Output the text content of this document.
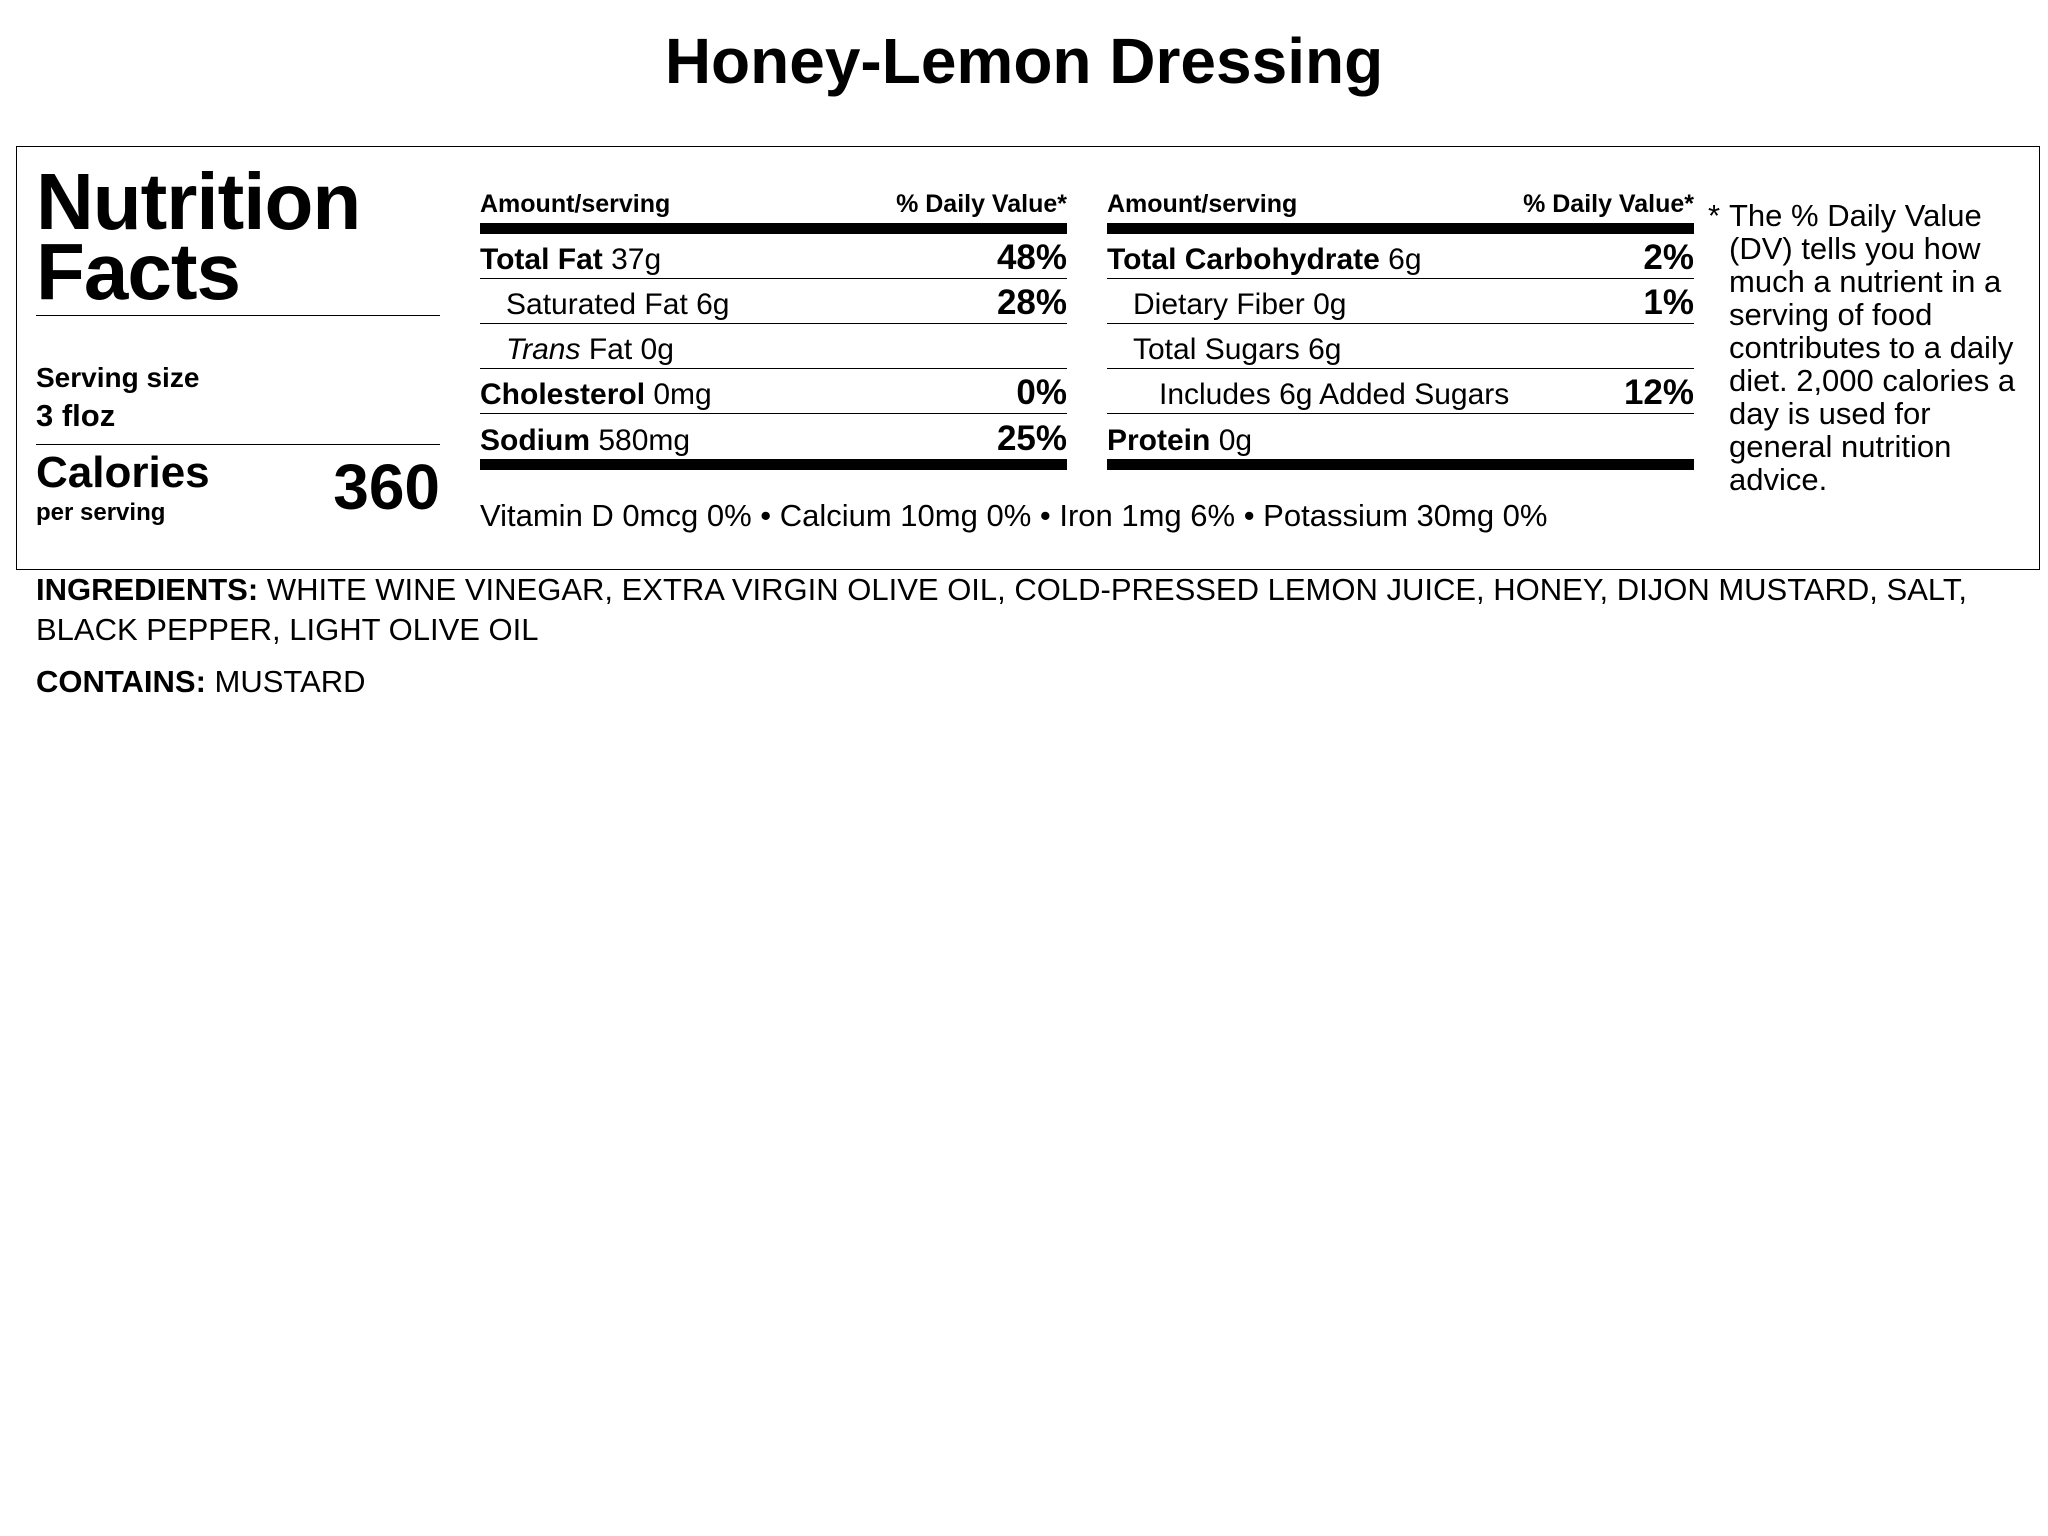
Honey-Lemon Dressing
Nutrition
Facts
Serving size
3 floz
Calories
per serving	360
Amount/serving	% Daily Value*
Total Fat 37g	48%
Saturated Fat 6g	28%
Trans Fat 0g
Cholesterol 0mg	0%
Sodium 580mg	25%
Amount/serving	% Daily Value*
Total Carbohydrate 6g	2%
Dietary Fiber 0g	1%
Total Sugars 6g
Includes 6g Added Sugars	12%
Protein 0g
Vitamin D 0mcg 0% • Calcium 10mg 0% • Iron 1mg 6% • Potassium 30mg 0%
* The % Daily Value (DV) tells you how much a nutrient in a serving of food contributes to a daily diet. 2,000 calories a day is used for general nutrition advice.
INGREDIENTS: WHITE WINE VINEGAR, EXTRA VIRGIN OLIVE OIL, COLD-PRESSED LEMON JUICE, HONEY, DIJON MUSTARD, SALT, BLACK PEPPER, LIGHT OLIVE OIL
CONTAINS: MUSTARD
